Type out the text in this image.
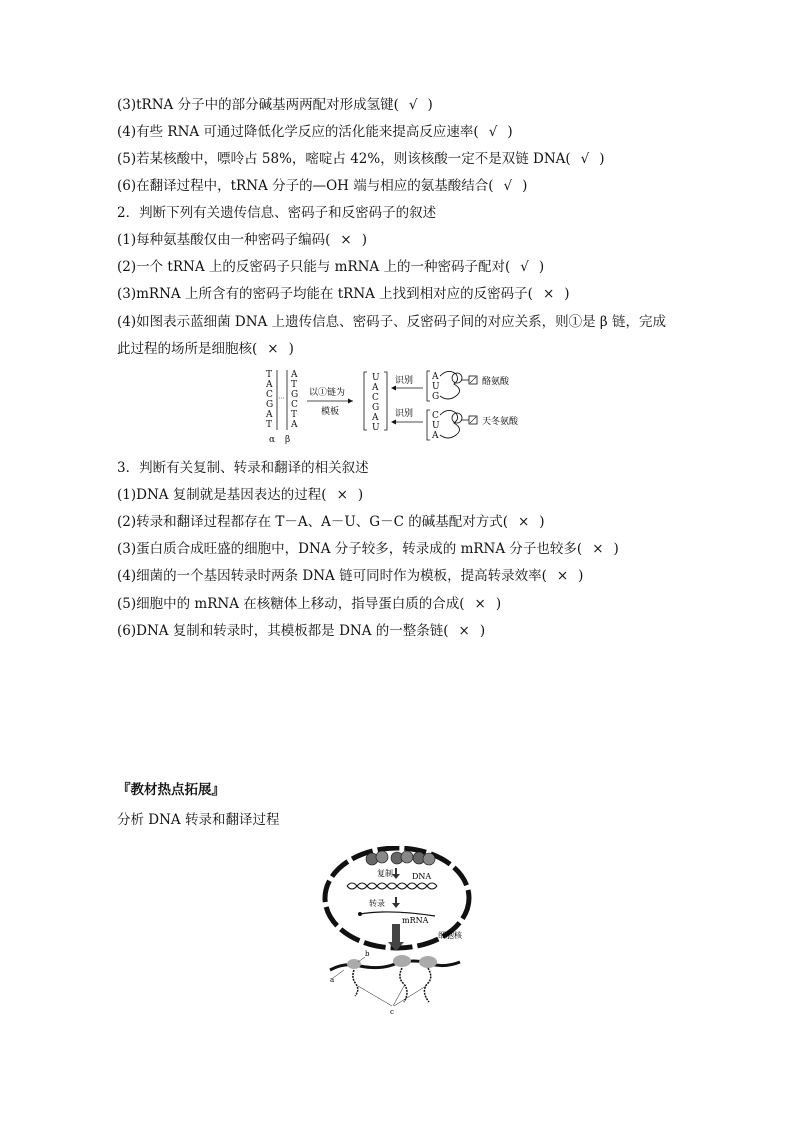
(3)tRNA 分子中的部分碱基两两配对形成氢键( √ )
(4)有些 RNA 可通过降低化学反应的活化能来提高反应速率( √ )
(5)若某核酸中，嘌呤占 58%，嘧啶占 42%，则该核酸一定不是双链 DNA( √ )
(6)在翻译过程中，tRNA 分子的—OH 端与相应的氨基酸结合( √ )
2．判断下列有关遗传信息、密码子和反密码子的叙述
(1)每种氨基酸仅由一种密码子编码( × )
(2)一个 tRNA 上的反密码子只能与 mRNA 上的一种密码子配对( √ )
(3)mRNA 上所含有的密码子均能在 tRNA 上找到相对应的反密码子( × )
(4)如图表示蓝细菌 DNA 上遗传信息、密码子、反密码子间的对应关系，则①是 β 链，完成
此过程的场所是细胞核( × )
T
A
C
G
A
T
A
T
G
C
T
A
α β
以①链为
模板
U
A
C
G
A
U
识别
识别
A
U
G
酪氨酸
C
U
A
天冬氨酸
3．判断有关复制、转录和翻译的相关叙述
(1)DNA 复制就是基因表达的过程( × )
(2)转录和翻译过程都存在 T－A、A－U、G－C 的碱基配对方式( × )
(3)蛋白质合成旺盛的细胞中，DNA 分子较多，转录成的 mRNA 分子也较多( × )
(4)细菌的一个基因转录时两条 DNA 链可同时作为模板，提高转录效率( × )
(5)细胞中的 mRNA 在核糖体上移动，指导蛋白质的合成( × )
(6)DNA 复制和转录时，其模板都是 DNA 的一整条链( × )
『教材热点拓展』
分析 DNA 转录和翻译过程
复制 DNA
转录
mRNA
细胞核
a
b
c
